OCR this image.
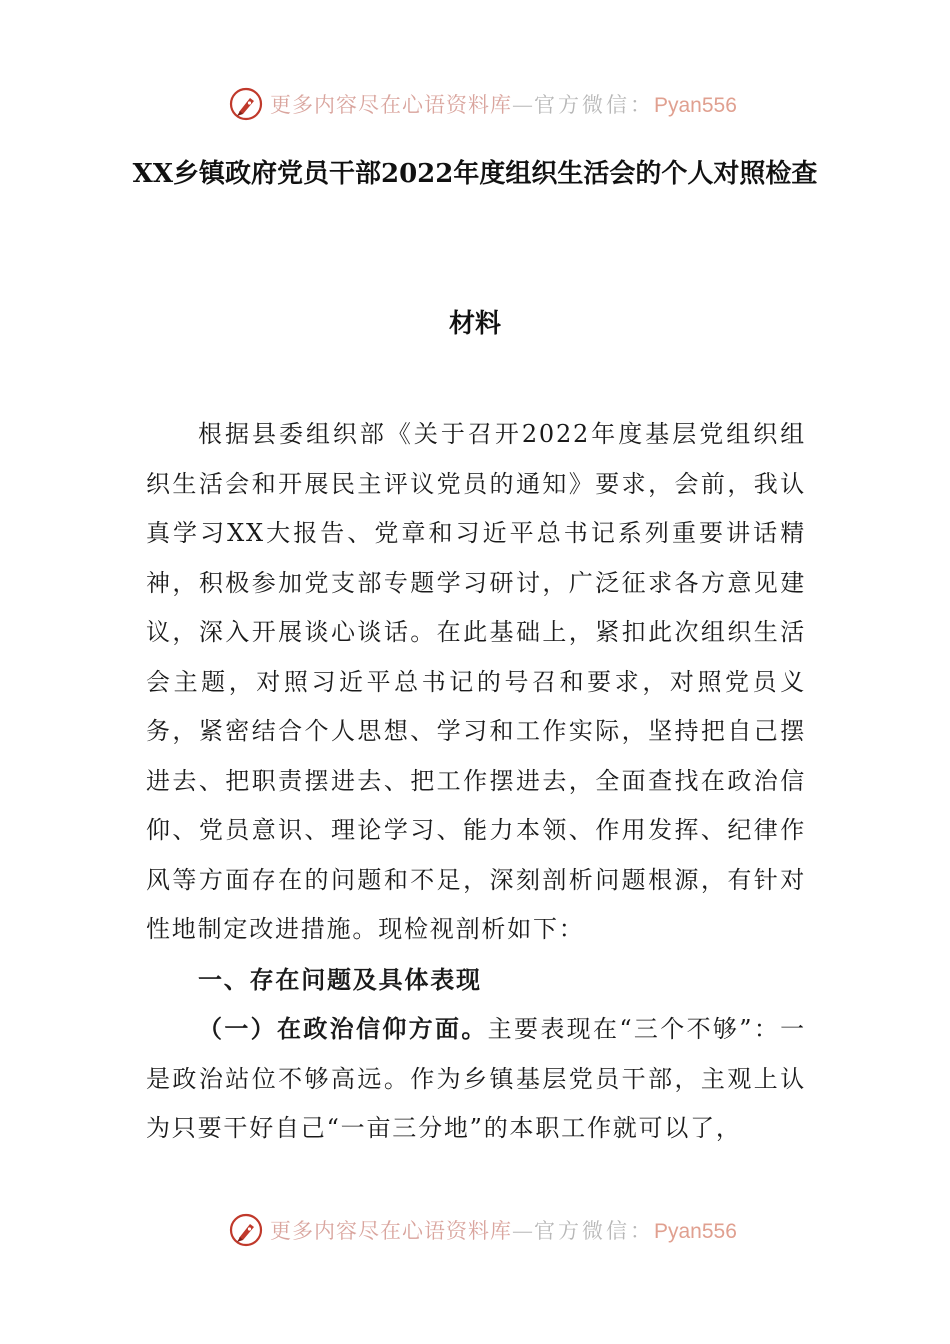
更多内容尽在心语资料库—官方微信：Pyan556
XX乡镇政府党员干部2022年度组织生活会的个人对照检查
材料

根据县委组织部《关于召开2022年度基层党组织组织生活会和开展民主评议党员的通知》要求，会前，我认真学习XX大报告、党章和习近平总书记系列重要讲话精神，积极参加党支部专题学习研讨，广泛征求各方意见建议，深入开展谈心谈话。在此基础上，紧扣此次组织生活会主题，对照习近平总书记的号召和要求，对照党员义务，紧密结合个人思想、学习和工作实际，坚持把自己摆进去、把职责摆进去、把工作摆进去，全面查找在政治信仰、党员意识、理论学习、能力本领、作用发挥、纪律作风等方面存在的问题和不足，深刻剖析问题根源，有针对性地制定改进措施。现检视剖析如下：

一、存在问题及具体表现

（一）在政治信仰方面。主要表现在“三个不够”：一是政治站位不够高远。作为乡镇基层党员干部，主观上认为只要干好自己“一亩三分地”的本职工作就可以了，

更多内容尽在心语资料库—官方微信：Pyan556
